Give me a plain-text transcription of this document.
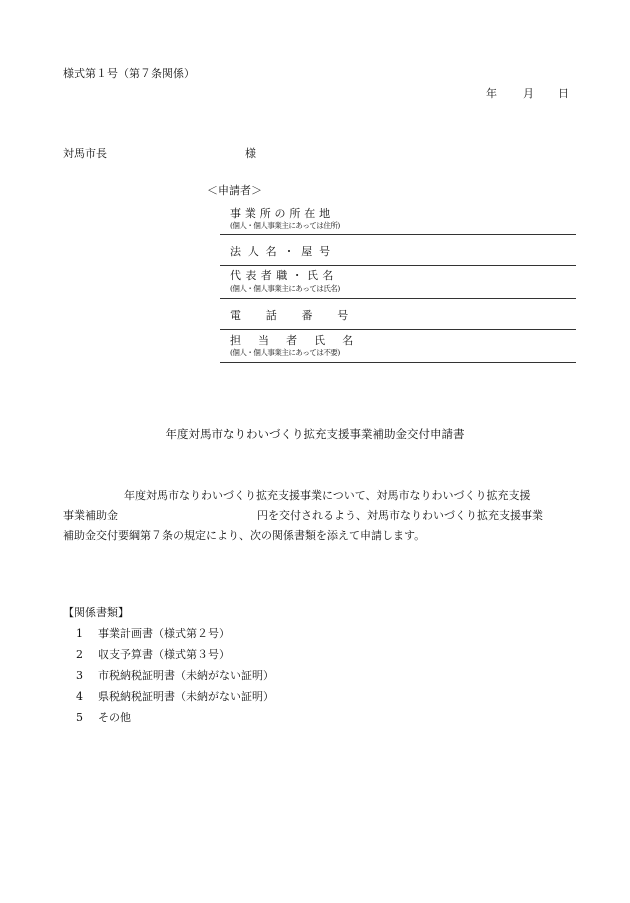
様式第１号（第７条関係）
年 月 日
対馬市長	様
＜申請者＞
事業所の所在地
(個人・個人事業主にあっては住所)
法人名・屋号
代表者職・氏名
(個人・個人事業主にあっては氏名)
電話番号
担当者氏名
(個人・個人事業主にあっては不要)
年度対馬市なりわいづくり拡充支援事業補助金交付申請書
年度対馬市なりわいづくり拡充支援事業について、対馬市なりわいづくり拡充支援
事業補助金	円を交付されるよう、対馬市なりわいづくり拡充支援事業
補助金交付要綱第７条の規定により、次の関係書類を添えて申請します。
【関係書類】
1 事業計画書（様式第２号）
2 収支予算書（様式第３号）
3 市税納税証明書（未納がない証明）
4 県税納税証明書（未納がない証明）
5 その他
